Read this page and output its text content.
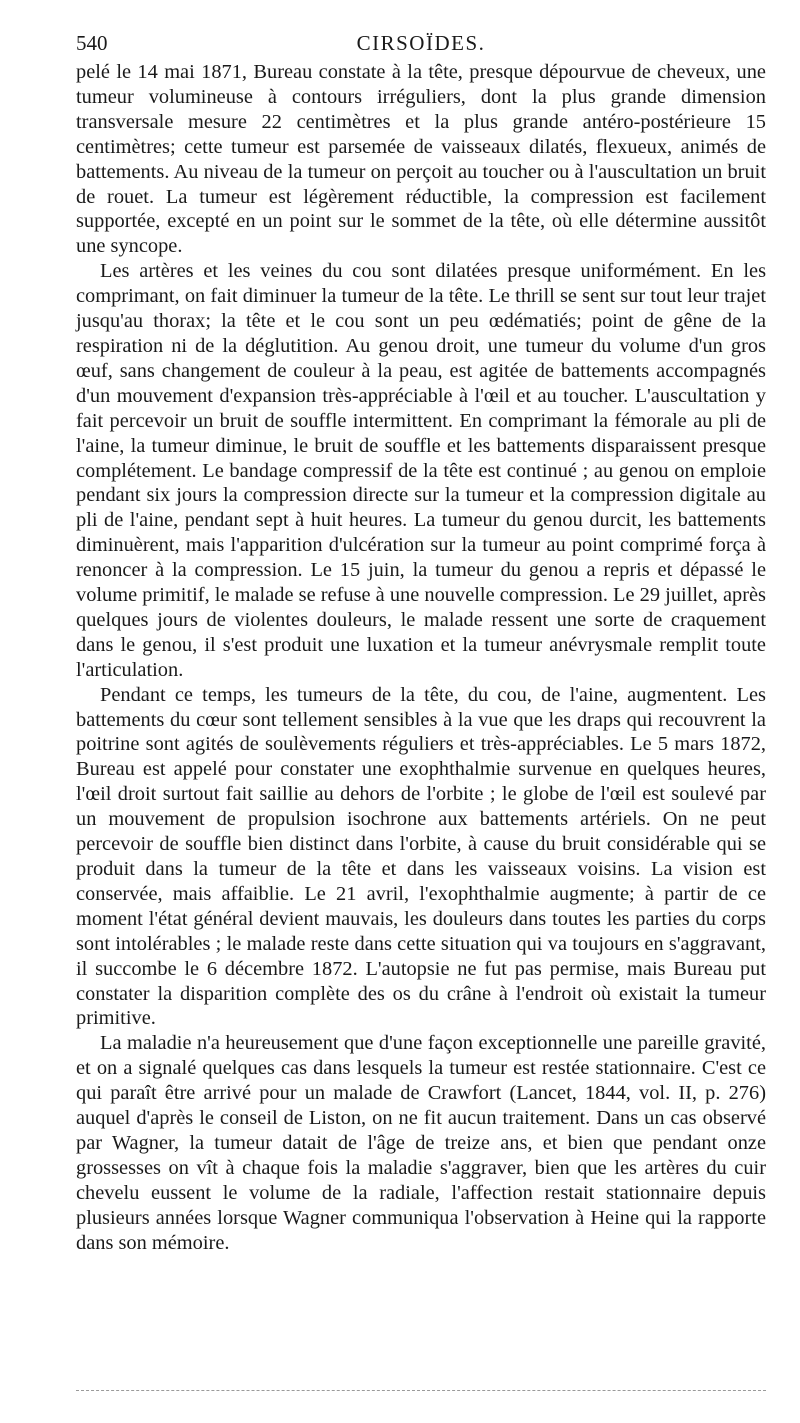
540	CIRSOÏDES.

pelé le 14 mai 1871, Bureau constate à la tête, presque dépourvue de cheveux, une tumeur volumineuse à contours irréguliers, dont la plus grande dimension transversale mesure 22 centimètres et la plus grande antéro-postérieure 15 centimètres; cette tumeur est parsemée de vaisseaux dilatés, flexueux, animés de battements. Au niveau de la tumeur on perçoit au toucher ou à l'auscultation un bruit de rouet. La tumeur est légèrement réductible, la compression est facilement supportée, excepté en un point sur le sommet de la tête, où elle détermine aussitôt une syncope.

Les artères et les veines du cou sont dilatées presque uniformément. En les comprimant, on fait diminuer la tumeur de la tête. Le thrill se sent sur tout leur trajet jusqu'au thorax; la tête et le cou sont un peu œdématiés; point de gêne de la respiration ni de la déglutition. Au genou droit, une tumeur du volume d'un gros œuf, sans changement de couleur à la peau, est agitée de battements accompagnés d'un mouvement d'expansion très-appréciable à l'œil et au toucher. L'auscultation y fait percevoir un bruit de souffle intermittent. En comprimant la fémorale au pli de l'aine, la tumeur diminue, le bruit de souffle et les battements disparaissent presque complétement. Le bandage compressif de la tête est continué ; au genou on emploie pendant six jours la compression directe sur la tumeur et la compression digitale au pli de l'aine, pendant sept à huit heures. La tumeur du genou durcit, les battements diminuèrent, mais l'apparition d'ulcération sur la tumeur au point comprimé força à renoncer à la compression. Le 15 juin, la tumeur du genou a repris et dépassé le volume primitif, le malade se refuse à une nouvelle compression. Le 29 juillet, après quelques jours de violentes douleurs, le malade ressent une sorte de craquement dans le genou, il s'est produit une luxation et la tumeur anévrysmale remplit toute l'articulation.

Pendant ce temps, les tumeurs de la tête, du cou, de l'aine, augmentent. Les battements du cœur sont tellement sensibles à la vue que les draps qui recouvrent la poitrine sont agités de soulèvements réguliers et très-appréciables. Le 5 mars 1872, Bureau est appelé pour constater une exophthalmie survenue en quelques heures, l'œil droit surtout fait saillie au dehors de l'orbite ; le globe de l'œil est soulevé par un mouvement de propulsion isochrone aux battements artériels. On ne peut percevoir de souffle bien distinct dans l'orbite, à cause du bruit considérable qui se produit dans la tumeur de la tête et dans les vaisseaux voisins. La vision est conservée, mais affaiblie. Le 21 avril, l'exophthalmie augmente; à partir de ce moment l'état général devient mauvais, les douleurs dans toutes les parties du corps sont intolérables ; le malade reste dans cette situation qui va toujours en s'aggravant, il succombe le 6 décembre 1872. L'autopsie ne fut pas permise, mais Bureau put constater la disparition complète des os du crâne à l'endroit où existait la tumeur primitive.

La maladie n'a heureusement que d'une façon exceptionnelle une pareille gravité, et on a signalé quelques cas dans lesquels la tumeur est restée stationnaire. C'est ce qui paraît être arrivé pour un malade de Crawfort (Lancet, 1844, vol. II, p. 276) auquel d'après le conseil de Liston, on ne fit aucun traitement. Dans un cas observé par Wagner, la tumeur datait de l'âge de treize ans, et bien que pendant onze grossesses on vît à chaque fois la maladie s'aggraver, bien que les artères du cuir chevelu eussent le volume de la radiale, l'affection restait stationnaire depuis plusieurs années lorsque Wagner communiqua l'observation à Heine qui la rapporte dans son mémoire.
